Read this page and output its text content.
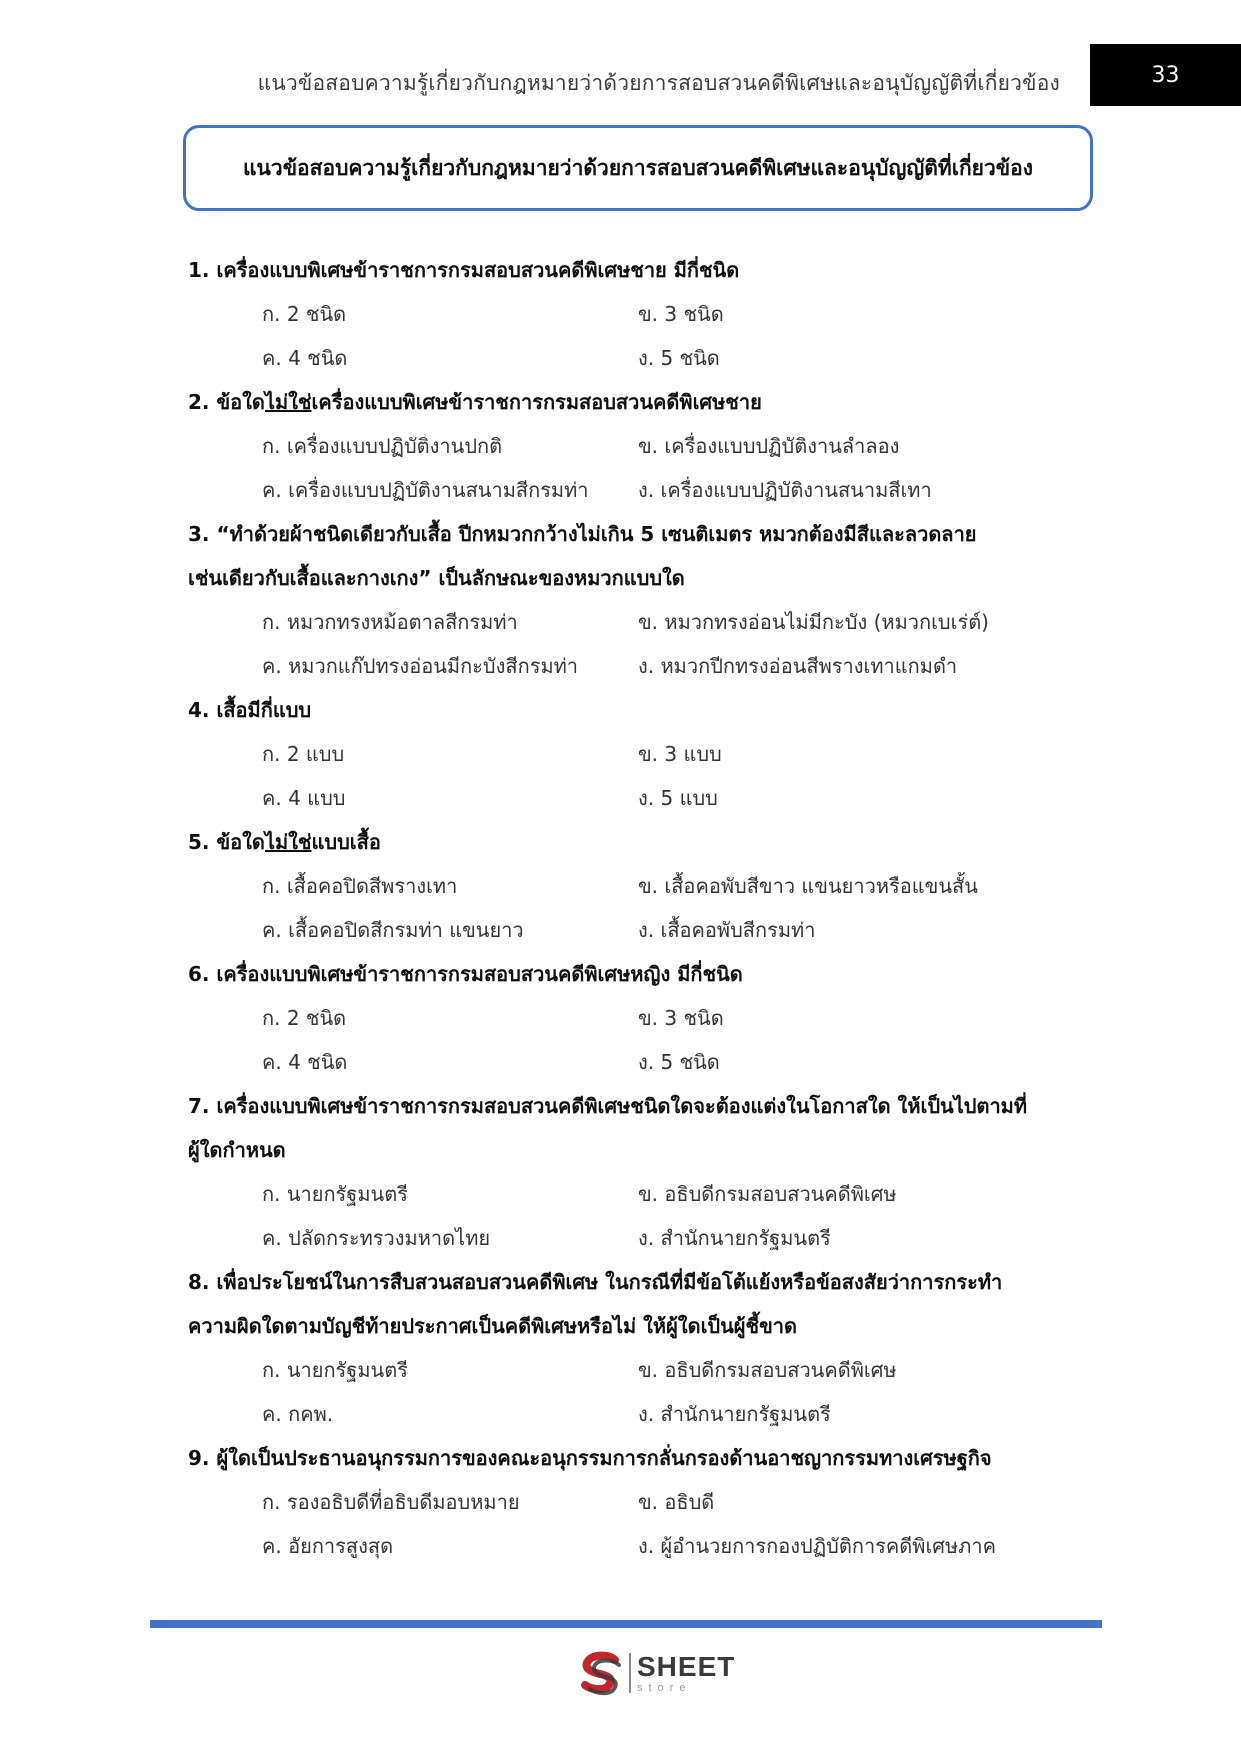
แนวข้อสอบความรู้เกี่ยวกับกฎหมายว่าด้วยการสอบสวนคดีพิเศษและอนุบัญญัติที่เกี่ยวข้อง	33
แนวข้อสอบความรู้เกี่ยวกับกฎหมายว่าด้วยการสอบสวนคดีพิเศษและอนุบัญญัติที่เกี่ยวข้อง
1. เครื่องแบบพิเศษข้าราชการกรมสอบสวนคดีพิเศษชาย มีกี่ชนิด
ก. 2 ชนิด	ข. 3 ชนิด
ค. 4 ชนิด	ง. 5 ชนิด
2. ข้อใดไม่ใช่เครื่องแบบพิเศษข้าราชการกรมสอบสวนคดีพิเศษชาย
ก. เครื่องแบบปฏิบัติงานปกติ	ข. เครื่องแบบปฏิบัติงานลำลอง
ค. เครื่องแบบปฏิบัติงานสนามสีกรมท่า	ง. เครื่องแบบปฏิบัติงานสนามสีเทา
3. “ทำด้วยผ้าชนิดเดียวกับเสื้อ ปีกหมวกกว้างไม่เกิน 5 เซนติเมตร หมวกต้องมีสีและลวดลาย
เช่นเดียวกับเสื้อและกางเกง” เป็นลักษณะของหมวกแบบใด
ก. หมวกทรงหม้อตาลสีกรมท่า	ข. หมวกทรงอ่อนไม่มีกะบัง (หมวกเบเร่ต์)
ค. หมวกแก๊ปทรงอ่อนมีกะบังสีกรมท่า	ง. หมวกปีกทรงอ่อนสีพรางเทาแกมดำ
4. เสื้อมีกี่แบบ
ก. 2 แบบ	ข. 3 แบบ
ค. 4 แบบ	ง. 5 แบบ
5. ข้อใดไม่ใช่แบบเสื้อ
ก. เสื้อคอปิดสีพรางเทา	ข. เสื้อคอพับสีขาว แขนยาวหรือแขนสั้น
ค. เสื้อคอปิดสีกรมท่า แขนยาว	ง. เสื้อคอพับสีกรมท่า
6. เครื่องแบบพิเศษข้าราชการกรมสอบสวนคดีพิเศษหญิง มีกี่ชนิด
ก. 2 ชนิด	ข. 3 ชนิด
ค. 4 ชนิด	ง. 5 ชนิด
7. เครื่องแบบพิเศษข้าราชการกรมสอบสวนคดีพิเศษชนิดใดจะต้องแต่งในโอกาสใด ให้เป็นไปตามที่
ผู้ใดกำหนด
ก. นายกรัฐมนตรี	ข. อธิบดีกรมสอบสวนคดีพิเศษ
ค. ปลัดกระทรวงมหาดไทย	ง. สำนักนายกรัฐมนตรี
8. เพื่อประโยชน์ในการสืบสวนสอบสวนคดีพิเศษ ในกรณีที่มีข้อโต้แย้งหรือข้อสงสัยว่าการกระทำ
ความผิดใดตามบัญชีท้ายประกาศเป็นคดีพิเศษหรือไม่ ให้ผู้ใดเป็นผู้ชี้ขาด
ก. นายกรัฐมนตรี	ข. อธิบดีกรมสอบสวนคดีพิเศษ
ค. กคพ.	ง. สำนักนายกรัฐมนตรี
9. ผู้ใดเป็นประธานอนุกรรมการของคณะอนุกรรมการกลั่นกรองด้านอาชญากรรมทางเศรษฐกิจ
ก. รองอธิบดีที่อธิบดีมอบหมาย	ข. อธิบดี
ค. อัยการสูงสุด	ง. ผู้อำนวยการกองปฏิบัติการคดีพิเศษภาค
SHEET
store
